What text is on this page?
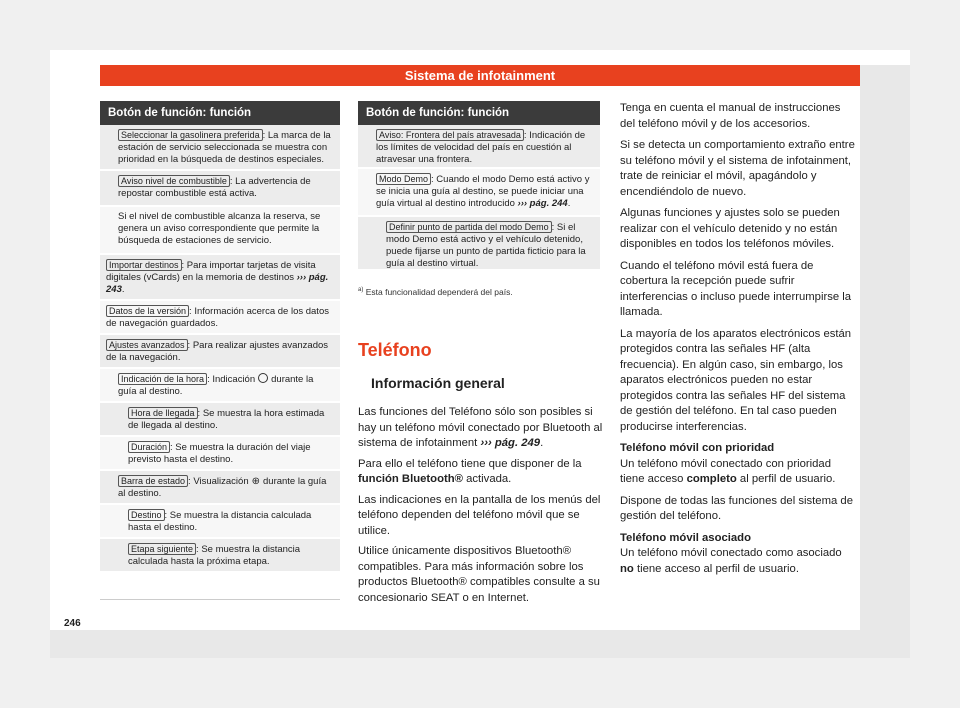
Sistema de infotainment
Botón de función: función
Seleccionar la gasolinera preferida : La marca de la estación de servicio seleccionada se muestra con prioridad en la búsqueda de destinos especiales.
Aviso nivel de combustible : La advertencia de repostar combustible está activa.
Si el nivel de combustible alcanza la reserva, se genera un aviso correspondiente que permite la búsqueda de estaciones de servicio.
Importar destinos : Para importar tarjetas de visita digitales (vCards) en la memoria de destinos ››› pág. 243.
Datos de la versión : Información acerca de los datos de navegación guardados.
Ajustes avanzados : Para realizar ajustes avanzados de la navegación.
Indicación de la hora : Indicación durante la guía al destino.
Hora de llegada : Se muestra la hora estimada de llegada al destino.
Duración : Se muestra la duración del viaje previsto hasta el destino.
Barra de estado : Visualización ⊕ durante la guía al destino.
Destino : Se muestra la distancia calculada hasta el destino.
Etapa siguiente : Se muestra la distancia calculada hasta la próxima etapa.
Botón de función: función
Aviso: Frontera del país atravesada : Indicación de los límites de velocidad del país en cuestión al atravesar una frontera.
Modo Demo : Cuando el modo Demo está activo y se inicia una guía al destino, se puede iniciar una guía virtual al destino introducido ››› pág. 244.
Definir punto de partida del modo Demo : Si el modo Demo está activo y el vehículo detenido, puede fijarse un punto de partida ficticio para la guía al destino virtual.
$^{a)}$ Esta funcionalidad dependerá del país.
Teléfono
Información general

Las funciones del Teléfono sólo son posibles si hay un teléfono móvil conectado por Bluetooth al sistema de infotainment ››› pág. 249.

Para ello el teléfono tiene que disponer de la función Bluetooth® activada.

Las indicaciones en la pantalla de los menús del teléfono dependen del teléfono móvil que se utilice.

Utilice únicamente dispositivos Bluetooth® compatibles. Para más información sobre los productos Bluetooth® compatibles consulte a su concesionario SEAT o en Internet.

Tenga en cuenta el manual de instrucciones del teléfono móvil y de los accesorios.

Si se detecta un comportamiento extraño entre su teléfono móvil y el sistema de infotainment, trate de reiniciar el móvil, apagándolo y encendiéndolo de nuevo.

Algunas funciones y ajustes solo se pueden realizar con el vehículo detenido y no están disponibles en todos los teléfonos móviles.

Cuando el teléfono móvil está fuera de cobertura la recepción puede sufrir interferencias o incluso puede interrumpirse la llamada.

La mayoría de los aparatos electrónicos están protegidos contra las señales HF (alta frecuencia). En algún caso, sin embargo, los aparatos electrónicos pueden no estar protegidos contra las señales HF del sistema de gestión del teléfono. En tal caso pueden producirse interferencias.

Teléfono móvil con prioridad

Un teléfono móvil conectado con prioridad tiene acceso completo al perfil de usuario.

Dispone de todas las funciones del sistema de gestión del teléfono.

Teléfono móvil asociado

Un teléfono móvil conectado como asociado no tiene acceso al perfil de usuario.

246
